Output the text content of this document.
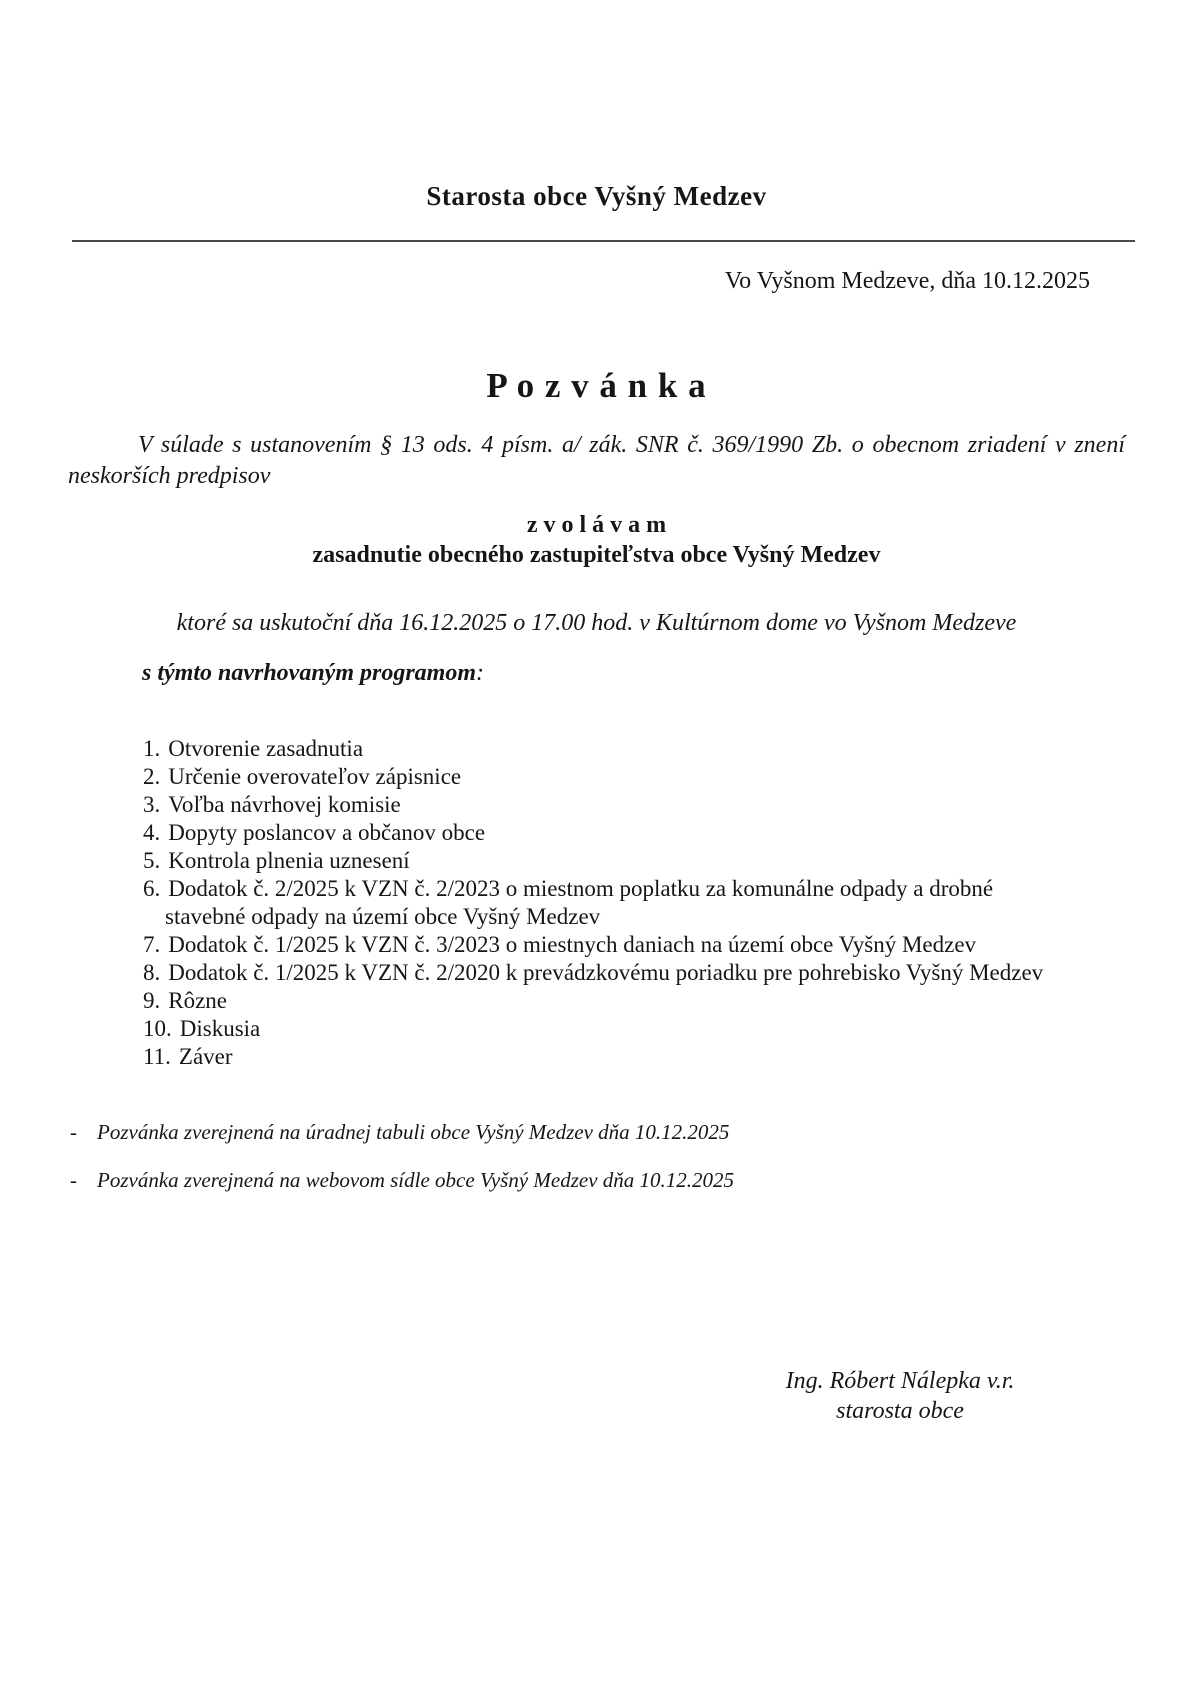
Starosta obce Vyšný Medzev
Vo Vyšnom Medzeve, dňa 10.12.2025
P o z v á n k a
V súlade s ustanovením § 13 ods. 4 písm. a/ zák. SNR č. 369/1990 Zb. o obecnom zriadení v znení
neskorších predpisov
z v o l á v a m
zasadnutie obecného zastupiteľstva obce Vyšný Medzev
ktoré sa uskutoční dňa 16.12.2025 o 17.00 hod. v Kultúrnom dome vo Vyšnom Medzeve
s týmto navrhovaným programom:
1. Otvorenie zasadnutia
2. Určenie overovateľov zápisnice
3. Voľba návrhovej komisie
4. Dopyty poslancov a občanov obce
5. Kontrola plnenia uznesení
6. Dodatok č. 2/2025 k VZN č. 2/2023 o miestnom poplatku za komunálne odpady a drobné
stavebné odpady na území obce Vyšný Medzev
7. Dodatok č. 1/2025 k VZN č. 3/2023 o miestnych daniach na území obce Vyšný Medzev
8. Dodatok č. 1/2025 k VZN č. 2/2020 k prevádzkovému poriadku pre pohrebisko Vyšný Medzev
9. Rôzne
10. Diskusia
11. Záver
- Pozvánka zverejnená na úradnej tabuli obce Vyšný Medzev dňa 10.12.2025
- Pozvánka zverejnená na webovom sídle obce Vyšný Medzev dňa 10.12.2025
Ing. Róbert Nálepka v.r.
starosta obce
